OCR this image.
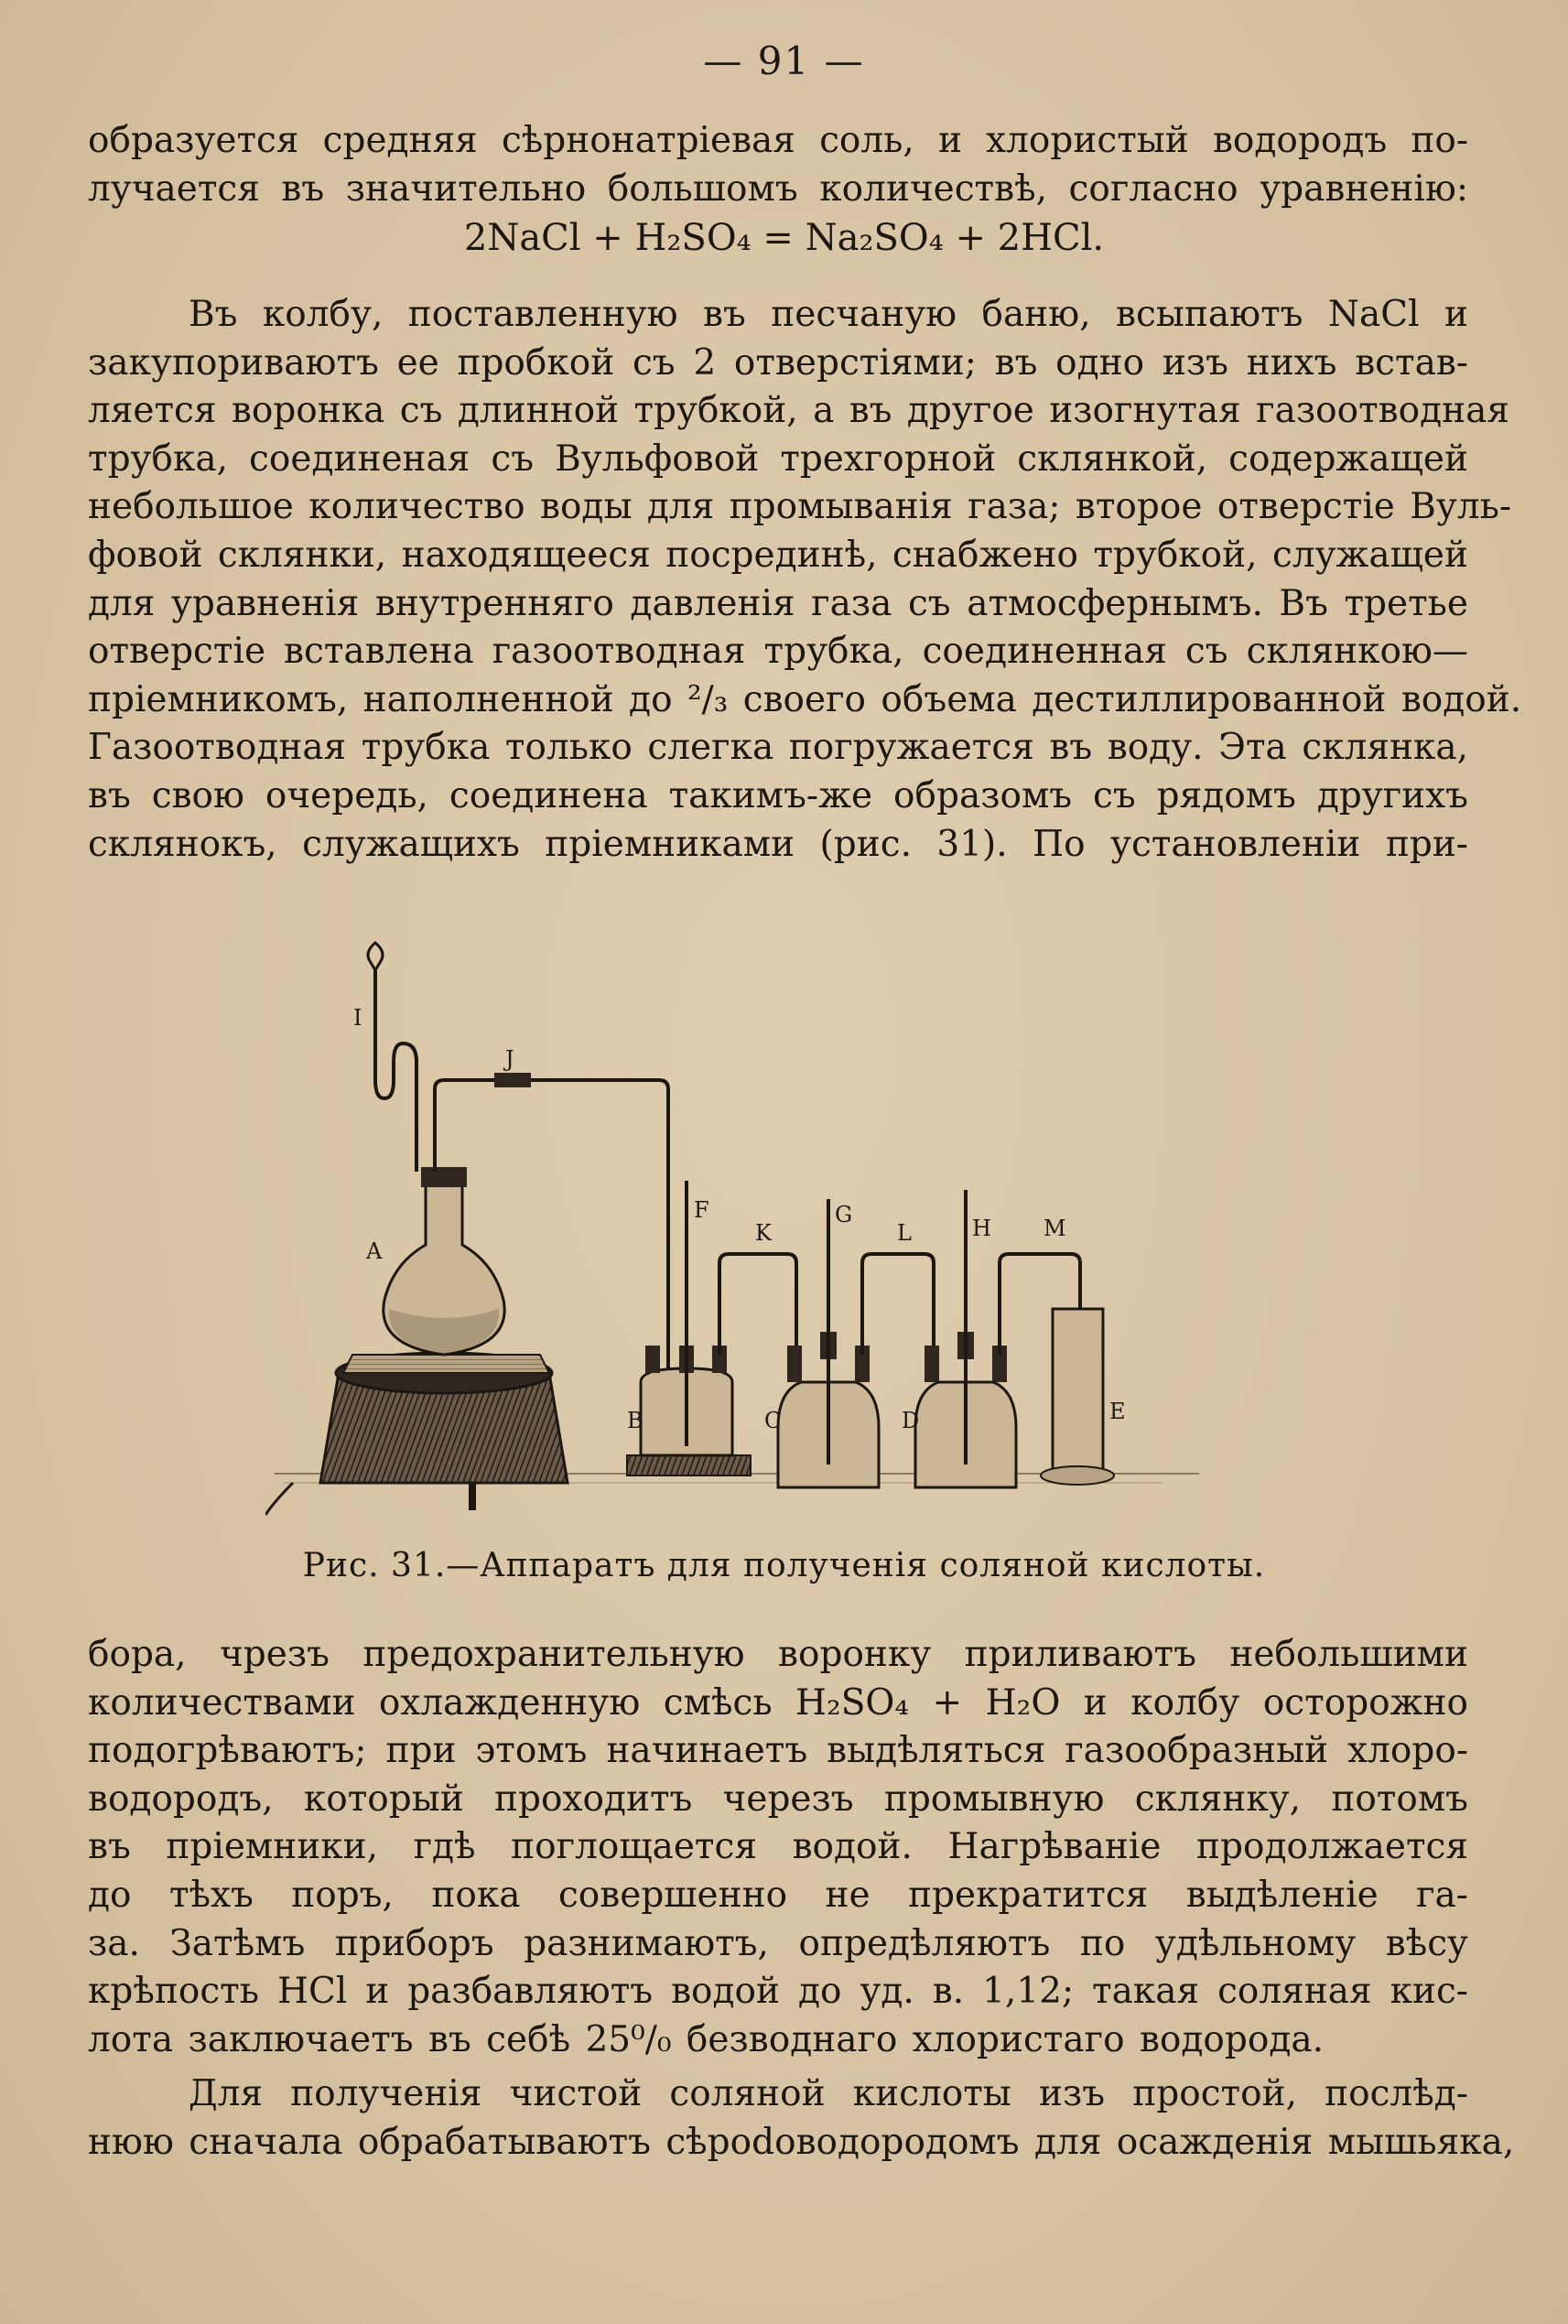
— 91 —
образуется средняя сѣрнонатріевая соль, и хлористый водородъ по-
лучается въ значительно большомъ количествѣ, согласно уравненію:
2NaCl + H₂SO₄ = Na₂SO₄ + 2HCl.
Въ колбу, поставленную въ песчаную баню, всыпаютъ NaCl и
закупориваютъ ее пробкой съ 2 отверстіями; въ одно изъ нихъ встав-
ляется воронка съ длинной трубкой, а въ другое изогнутая газоотводная
трубка, соединеная съ Вульфовой трехгорной склянкой, содержащей
небольшое количество воды для промыванія газа; второе отверстіе Вуль-
фовой склянки, находящееся посрединѣ, снабжено трубкой, служащей
для уравненія внутренняго давленія газа съ атмосфернымъ. Въ третье
отверстіе вставлена газоотводная трубка, соединенная съ склянкою—
пріемникомъ, наполненной до ²/₃ своего объема дестиллированной водой.
Газоотводная трубка только слегка погружается въ воду. Эта склянка,
въ свою очередь, соединена такимъ-же образомъ съ рядомъ другихъ
склянокъ, служащихъ пріемниками (рис. 31). По установленіи при-
I
J
A
F
K
G
L	H M
B	C	D	E
Рис. 31.—Аппаратъ для полученія соляной кислоты.
бора, чрезъ предохранительную воронку приливаютъ небольшими
количествами охлажденную смѣсь H₂SO₄ + H₂O и колбу осторожно
подогрѣваютъ; при этомъ начинаетъ выдѣлятьcя газообразный хлоро-
водородъ, который проходитъ черезъ промывную склянку, потомъ
въ пріемники, гдѣ поглощается водой. Нагрѣваніе продолжается
до тѣхъ поръ, пока совершенно не прекратится выдѣленіе га-
за. Затѣмъ приборъ разнимаютъ, опредѣляютъ по удѣльному вѣсу
крѣпость HCl и разбавляютъ водой до уд. в. 1,12; такая соляная кис-
лота заключаетъ въ себѣ 25⁰/₀ безводнаго хлористаго водорода.
Для полученія чистой соляной кислоты изъ простой, послѣд-
нюю сначала обрабатываютъ сѣрodоводородомъ для осажденія мышьяка,
